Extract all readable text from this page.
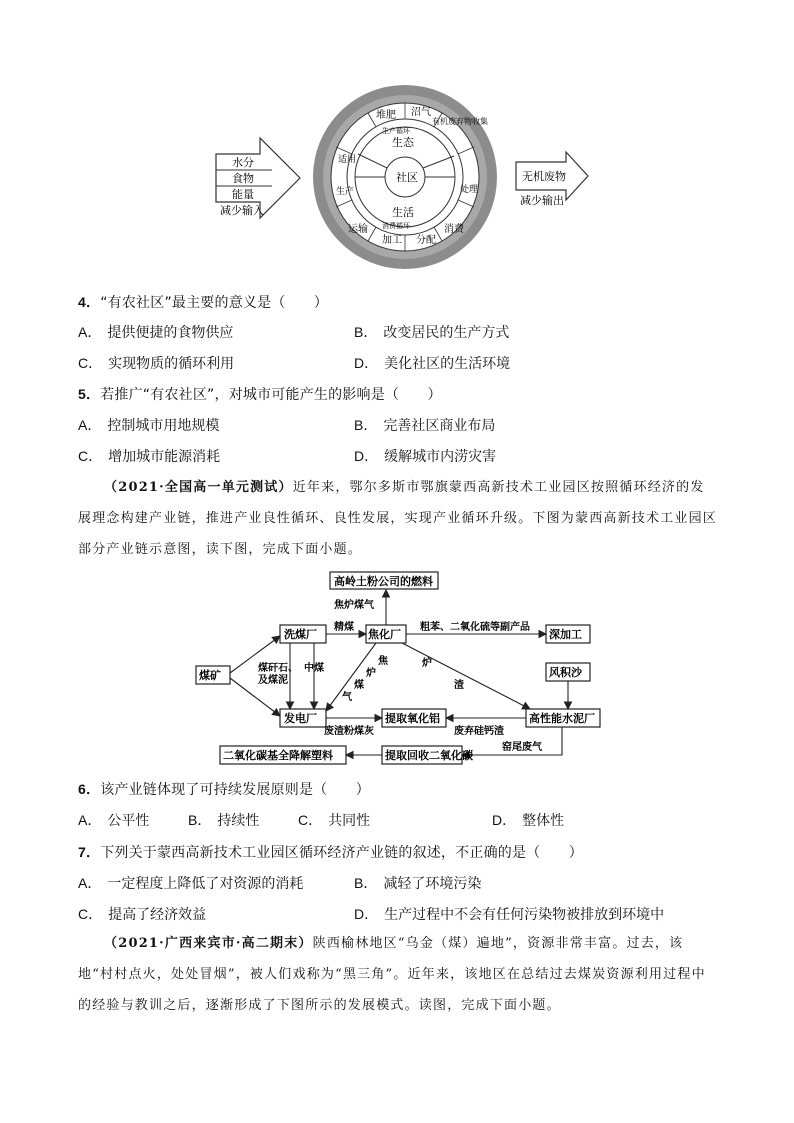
水分
食物
能量
减少输入
社区
生态
生活
堆肥 沼气
有机废弃物收集
处理
消费
分配
加工
运输
生产
适用
生产循环
消费循环
无机废物
减少输出
4．“有农社区”最主要的意义是（　　）
A． 提供便捷的食物供应	B． 改变居民的生产方式
C． 实现物质的循环利用	D． 美化社区的生活环境
5．若推广“有农社区”，对城市可能产生的影响是（　　）
A． 控制城市用地规模	B． 完善社区商业布局
C． 增加城市能源消耗	D． 缓解城市内涝灾害
（2021·全国高一单元测试）近年来，鄂尔多斯市鄂旗蒙西高新技术工业园区按照循环经济的发展理念构建产业链，推进产业良性循环、良性发展，实现产业循环升级。下图为蒙西高新技术工业园区部分产业链示意图，读下图，完成下面小题。
高岭土粉公司的燃料
洗煤厂	焦化厂	深加工
煤矿	风积沙
发电厂	提取氧化铝	高性能水泥厂
二氧化碳基全降解塑料	提取回收二氧化碳
焦炉煤气
精煤	粗苯、二氧化硫等副产品
煤矸石、
及煤泥
中煤
焦
炉
煤
气
炉
渣
废渣粉煤灰	废弃硅钙渣
窑尾废气
6．该产业链体现了可持续发展原则是（　　）
A． 公平性	B． 持续性	C． 共同性	D． 整体性
7．下列关于蒙西高新技术工业园区循环经济产业链的叙述，不正确的是（　　）
A． 一定程度上降低了对资源的消耗	B． 减轻了环境污染
C． 提高了经济效益	D． 生产过程中不会有任何污染物被排放到环境中
（2021·广西来宾市·高二期末）陕西榆林地区“乌金（煤）遍地”，资源非常丰富。过去，该地“村村点火，处处冒烟”，被人们戏称为“黑三角”。近年来，该地区在总结过去煤炭资源利用过程中的经验与教训之后，逐渐形成了下图所示的发展模式。读图，完成下面小题。
